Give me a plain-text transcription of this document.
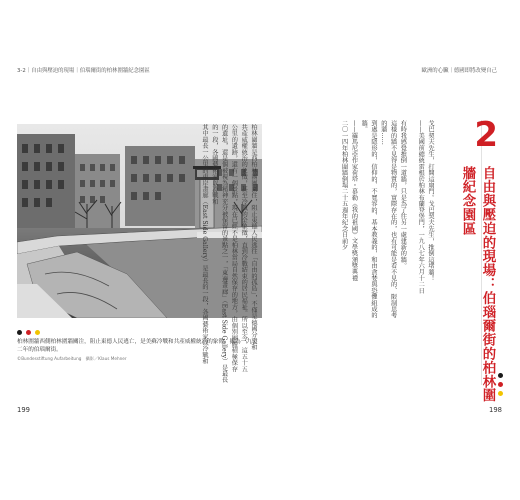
3-2｜自由與壓迫的現場｜伯瑙爾街的柏林圍牆紀念園區	歐洲的心臟｜德國即將改變自己
柏林圍牆西側柏林圍牆關注，阻止東德人民逃亡，是美蘇冷戰和共產威權統治的象徵，攝為一九七二年的伯瑙爾街。
©Bundesstiftung Aufarbeitung　攝影／Klaus Mehner
柏林圍牆是西柏林團團圍住，阻止東德人民逃往「自由的孤島」，不僅是德國分裂和
共產威權統治的象徵，甚至冷戰的全象徵，直到冷戰結束的居民福祉。所以至今，這五十五
公里的遺跡，還有一個景點，現在已經不是柏林當局自然保存的地方，由個別團體積極保存
的遺址，還是個被視為精神充分被保留的景點之一，「東邊畫廊」（East Side Gallery）是最長的一段，各國藝術家以冷戰和
其中最長一公里的東岸畫廊（East Side Gallery）是最長的一段，各國藝術家以冷戰和	戈巴契夫先生，打開這扇門。戈巴契夫先生，推倒這堵牆！
——美國前總統雷根於柏林布蘭登堡門，一九八七年六月十二日
有時我感覺推倒一道牆，只是為了往另一處建新的牆。
這樣的牆不見得是物質的，實際存在的，也有可能是看不見的、限制思考的牆……
到處是隱形的，信仰的、不寬容的、基本教義的，和由貪婪與恐懼組成的牆。
——羅馬尼亞作家荷塔・慕勒《我的祖國》文學獎頒獎典禮
二〇一四年柏林圍牆倒塌二十五週年紀念日前夕	2
自由與壓迫的現場：伯瑙爾街的柏林圍牆紀念園區
199	198
